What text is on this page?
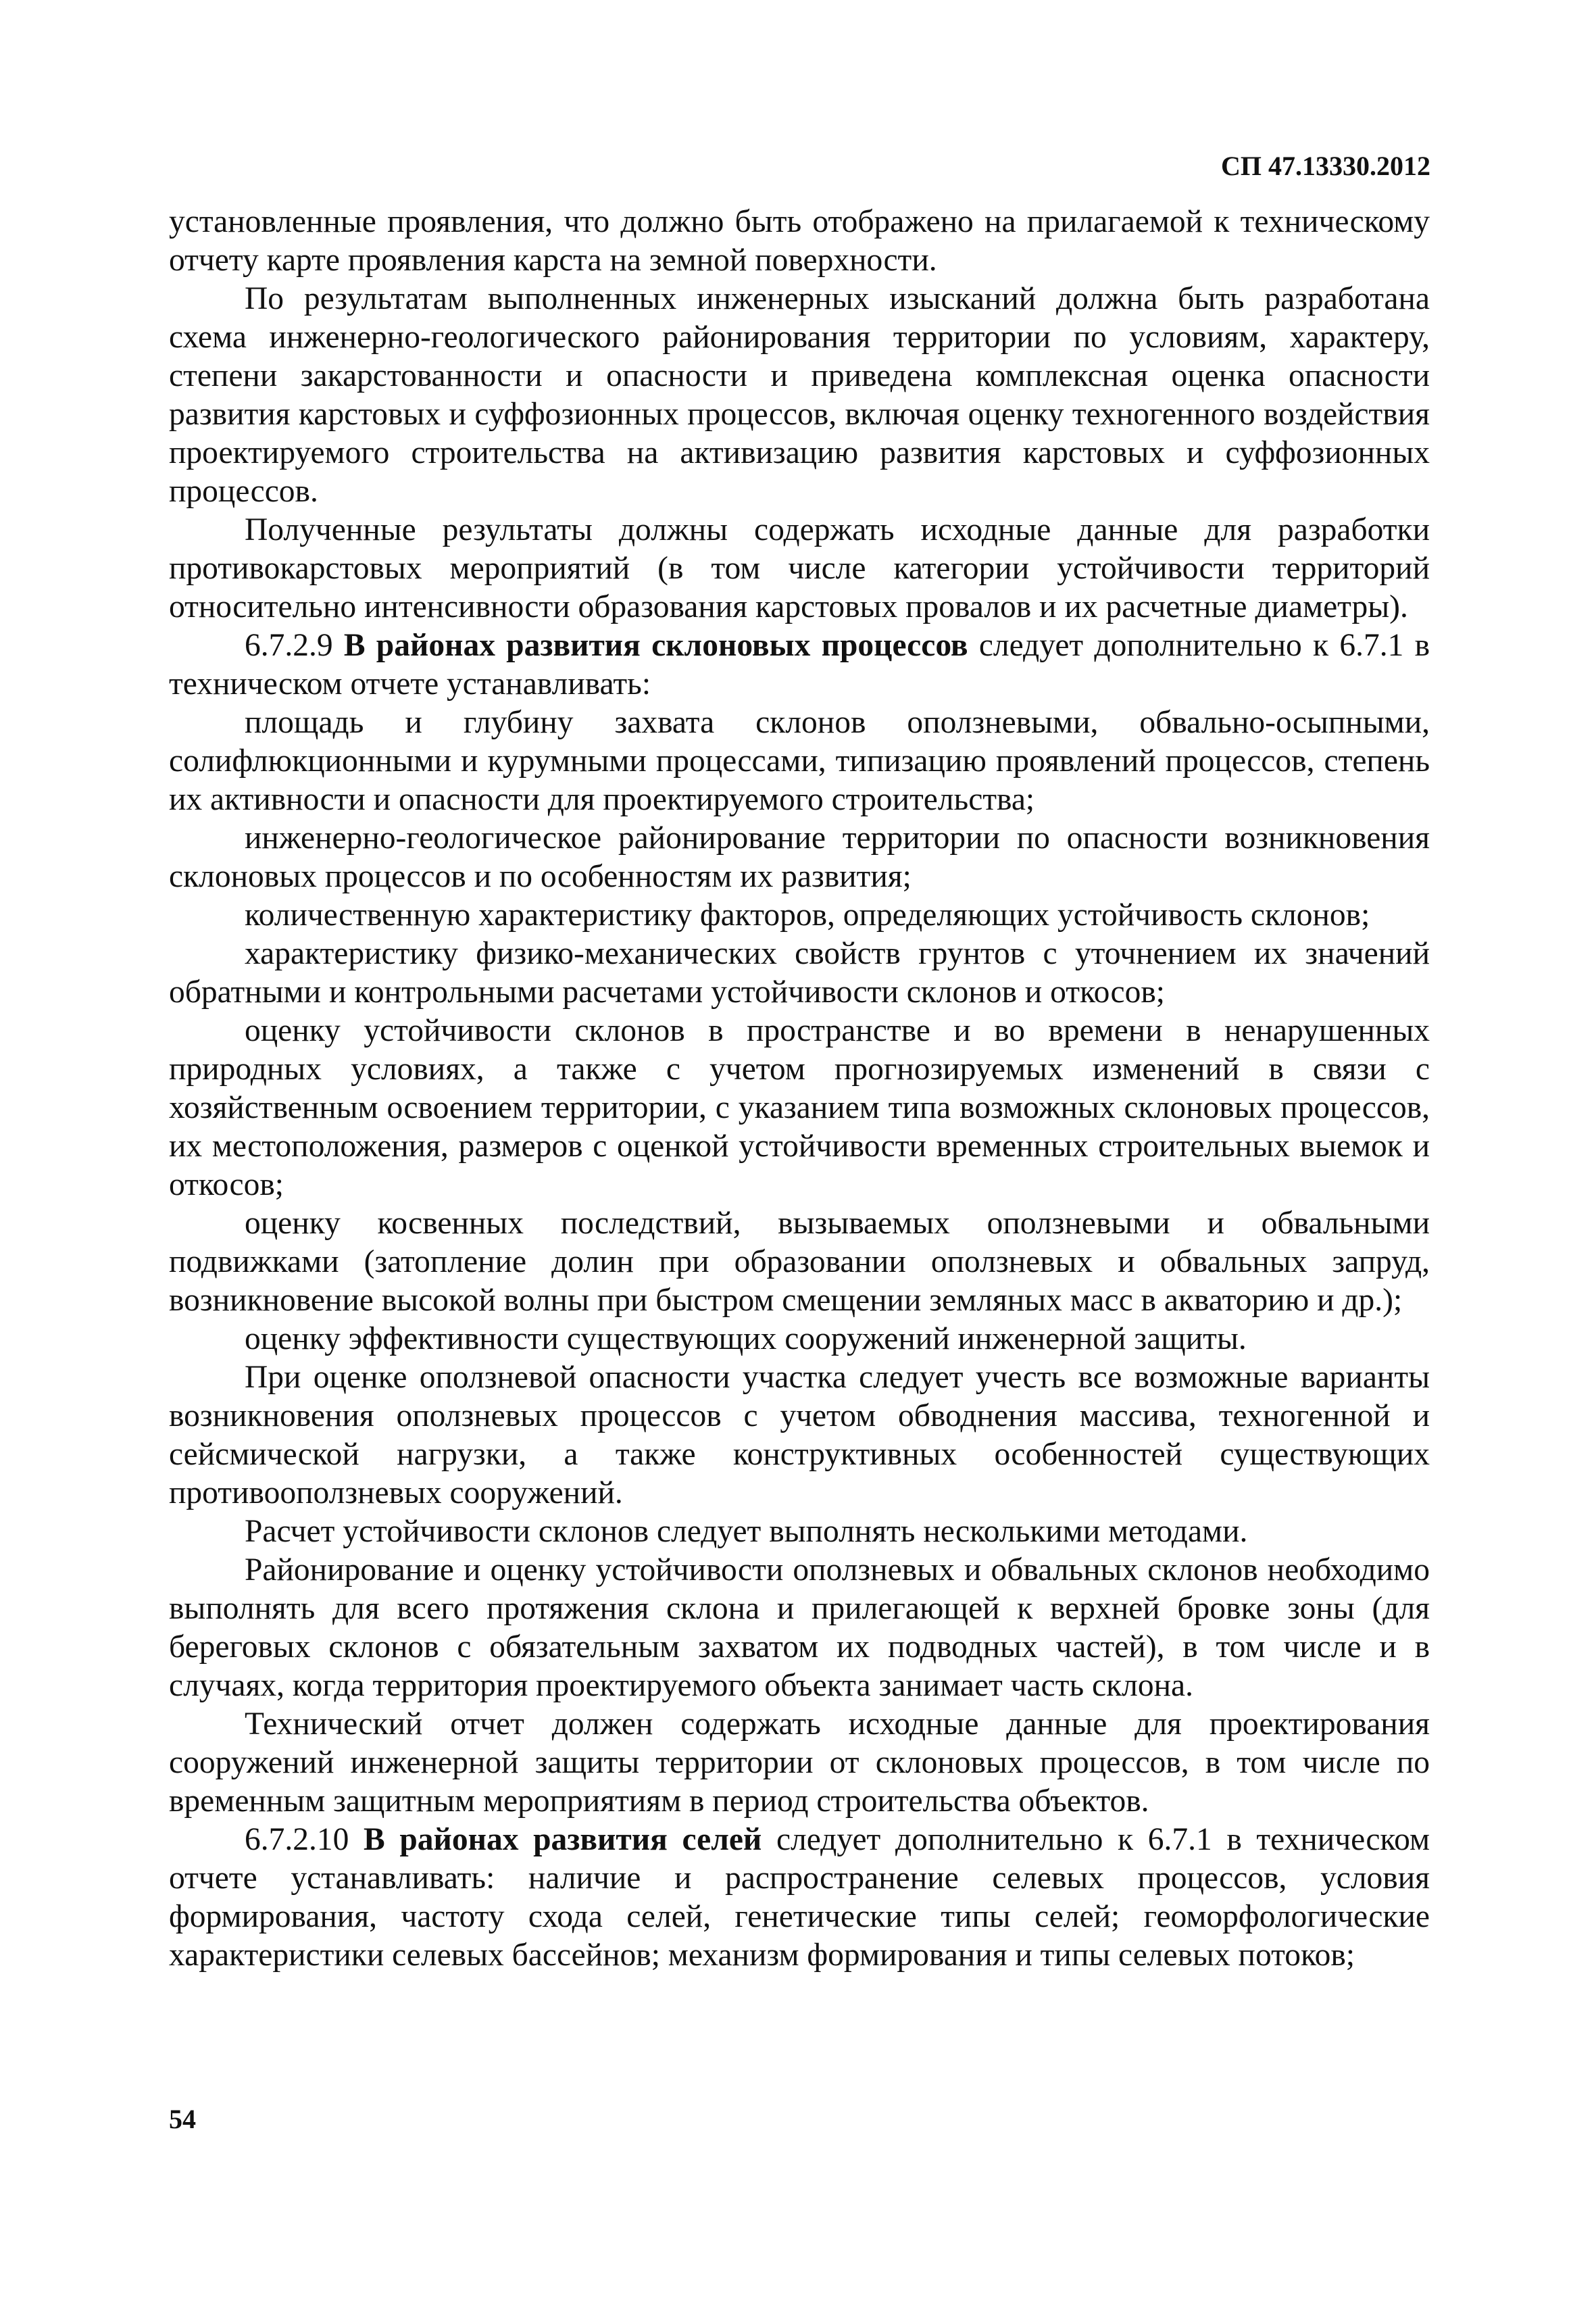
СП 47.13330.2012

установленные проявления, что должно быть отображено на прилагаемой к техническому отчету карте проявления карста на земной поверхности.

По результатам выполненных инженерных изысканий должна быть разработана схема инженерно-геологического районирования территории по условиям, характеру, степени закарстованности и опасности и приведена комплексная оценка опасности развития карстовых и суффозионных процессов, включая оценку техногенного воздействия проектируемого строительства на активизацию развития карстовых и суффозионных процессов.

Полученные результаты должны содержать исходные данные для разработки противокарстовых мероприятий (в том числе категории устойчивости территорий относительно интенсивности образования карстовых провалов и их расчетные диаметры).

6.7.2.9 В районах развития склоновых процессов следует дополнительно к 6.7.1 в техническом отчете устанавливать:

площадь и глубину захвата склонов оползневыми, обвально-осыпными, солифлюкционными и курумными процессами, типизацию проявлений процессов, степень их активности и опасности для проектируемого строительства;

инженерно-геологическое районирование территории по опасности возникновения склоновых процессов и по особенностям их развития;

количественную характеристику факторов, определяющих устойчивость склонов;

характеристику физико-механических свойств грунтов с уточнением их значений обратными и контрольными расчетами устойчивости склонов и откосов;

оценку устойчивости склонов в пространстве и во времени в ненарушенных природных условиях, а также с учетом прогнозируемых изменений в связи с хозяйственным освоением территории, с указанием типа возможных склоновых процессов, их местоположения, размеров с оценкой устойчивости временных строительных выемок и откосов;

оценку косвенных последствий, вызываемых оползневыми и обвальными подвижками (затопление долин при образовании оползневых и обвальных запруд, возникновение высокой волны при быстром смещении земляных масс в акваторию и др.);

оценку эффективности существующих сооружений инженерной защиты.

При оценке оползневой опасности участка следует учесть все возможные варианты возникновения оползневых процессов с учетом обводнения массива, техногенной и сейсмической нагрузки, а также конструктивных особенностей существующих противооползневых сооружений.

Расчет устойчивости склонов следует выполнять несколькими методами.

Районирование и оценку устойчивости оползневых и обвальных склонов необходимо выполнять для всего протяжения склона и прилегающей к верхней бровке зоны (для береговых склонов с обязательным захватом их подводных частей), в том числе и в случаях, когда территория проектируемого объекта занимает часть склона.

Технический отчет должен содержать исходные данные для проектирования сооружений инженерной защиты территории от склоновых процессов, в том числе по временным защитным мероприятиям в период строительства объектов.

6.7.2.10 В районах развития селей следует дополнительно к 6.7.1 в техническом отчете устанавливать: наличие и распространение селевых процессов, условия формирования, частоту схода селей, генетические типы селей; геоморфологические характеристики селевых бассейнов; механизм формирования и типы селевых потоков;

54
